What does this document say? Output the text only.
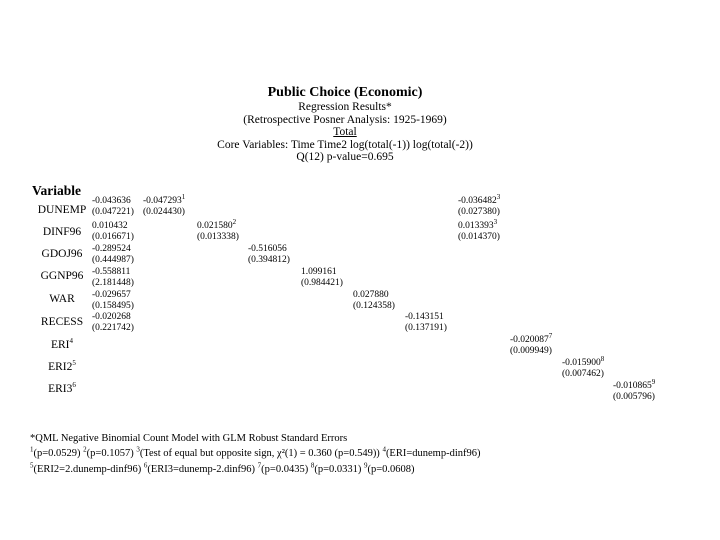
Public Choice (Economic)
Regression Results*
(Retrospective Posner Analysis: 1925-1969)
Total
Core Variables: Time Time2 log(total(-1)) log(total(-2))
Q(12) p-value=0.695
Variable
DUNEMP
DINF96
GDOJ96
GGNP96
WAR
RECESS
ERI$^4$
$ERI2^5$
$ERI3^6$
-0.043636
(0.047221)
0.010432
(0.016671)
-0.289524
(0.444987)
-0.558811
(2.181448)
-0.029657
(0.158495)
-0.020268
(0.221742)
-0.047293$^1$
(0.024430)
0.021580$^2$
(0.013338)
-0.516056
(0.394812)
1.099161
(0.984421)
0.027880
(0.124358)
-0.143151
(0.137191)
-0.036482$^3$
(0.027380)
0.013393$^3$
(0.014370)
-0.020087$^7$
(0.009949)
-0.015900$^8$
(0.007462)
-0.010865$^9$
(0.005796)
*QML Negative Binomial Count Model with GLM Robust Standard Errors
$^1$(p=0.0529) $^2$(p=0.1057) $^3$(Test of equal but opposite sign, χ²(1) = 0.360 (p=0.549)) $^4$(ERI=dunemp-dinf96)
$^5$(ERI2=2.dunemp-dinf96) $^6$(ERI3=dunemp-2.dinf96) $^7$(p=0.0435) $^8$(p=0.0331) $^9$(p=0.0608)
